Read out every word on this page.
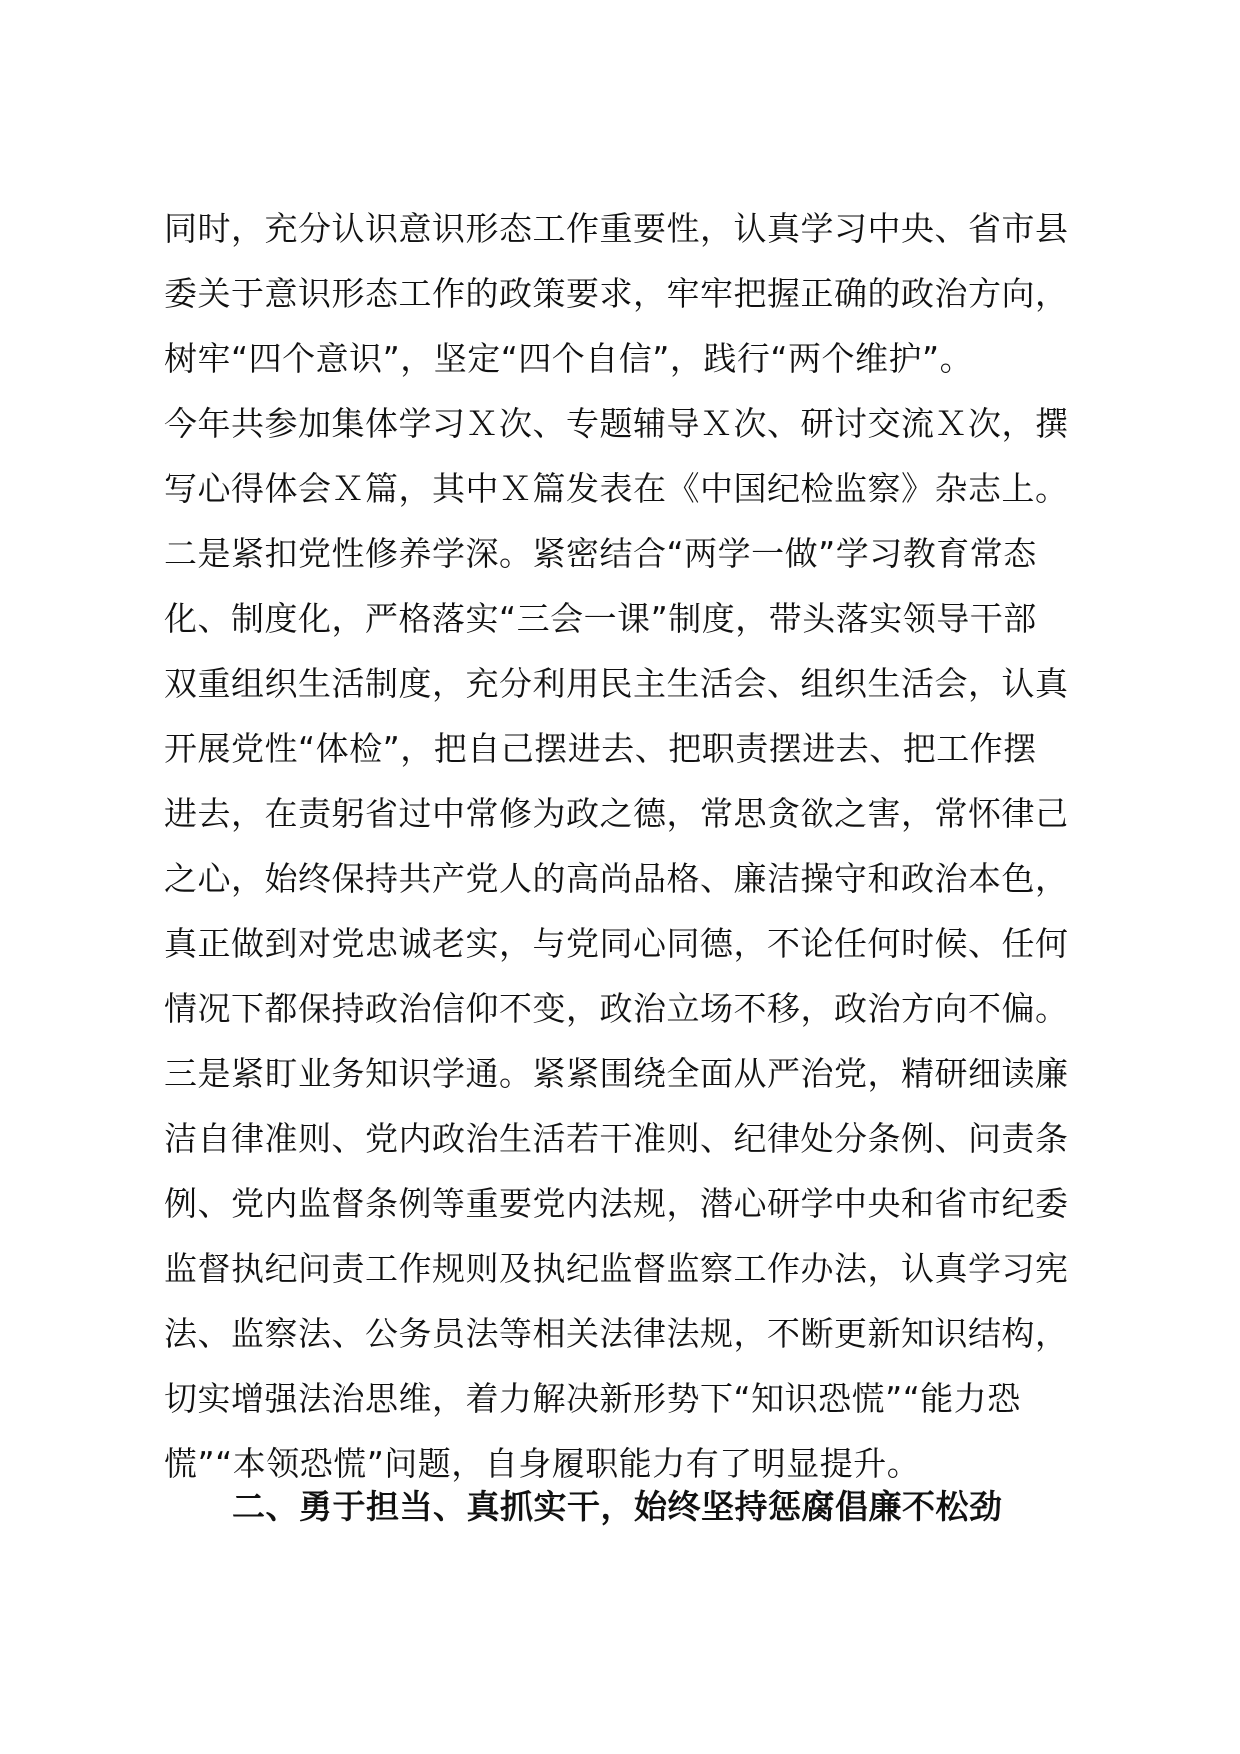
同时，充分认识意识形态工作重要性，认真学习中央、省市县
委关于意识形态工作的政策要求，牢牢把握正确的政治方向，
树牢“四个意识”，坚定“四个自信”，践行“两个维护”。
今年共参加集体学习Ｘ次、专题辅导Ｘ次、研讨交流Ｘ次，撰
写心得体会Ｘ篇，其中Ｘ篇发表在《中国纪检监察》杂志上。
二是紧扣党性修养学深。紧密结合“两学一做”学习教育常态
化、制度化，严格落实“三会一课”制度，带头落实领导干部
双重组织生活制度，充分利用民主生活会、组织生活会，认真
开展党性“体检”，把自己摆进去、把职责摆进去、把工作摆
进去，在责躬省过中常修为政之德，常思贪欲之害，常怀律己
之心，始终保持共产党人的高尚品格、廉洁操守和政治本色，
真正做到对党忠诚老实，与党同心同德，不论任何时候、任何
情况下都保持政治信仰不变，政治立场不移，政治方向不偏。
三是紧盯业务知识学通。紧紧围绕全面从严治党，精研细读廉
洁自律准则、党内政治生活若干准则、纪律处分条例、问责条
例、党内监督条例等重要党内法规，潜心研学中央和省市纪委
监督执纪问责工作规则及执纪监督监察工作办法，认真学习宪
法、监察法、公务员法等相关法律法规，不断更新知识结构，
切实增强法治思维，着力解决新形势下“知识恐慌”“能力恐
慌”“本领恐慌”问题，自身履职能力有了明显提升。
二、勇于担当、真抓实干，始终坚持惩腐倡廉不松劲
